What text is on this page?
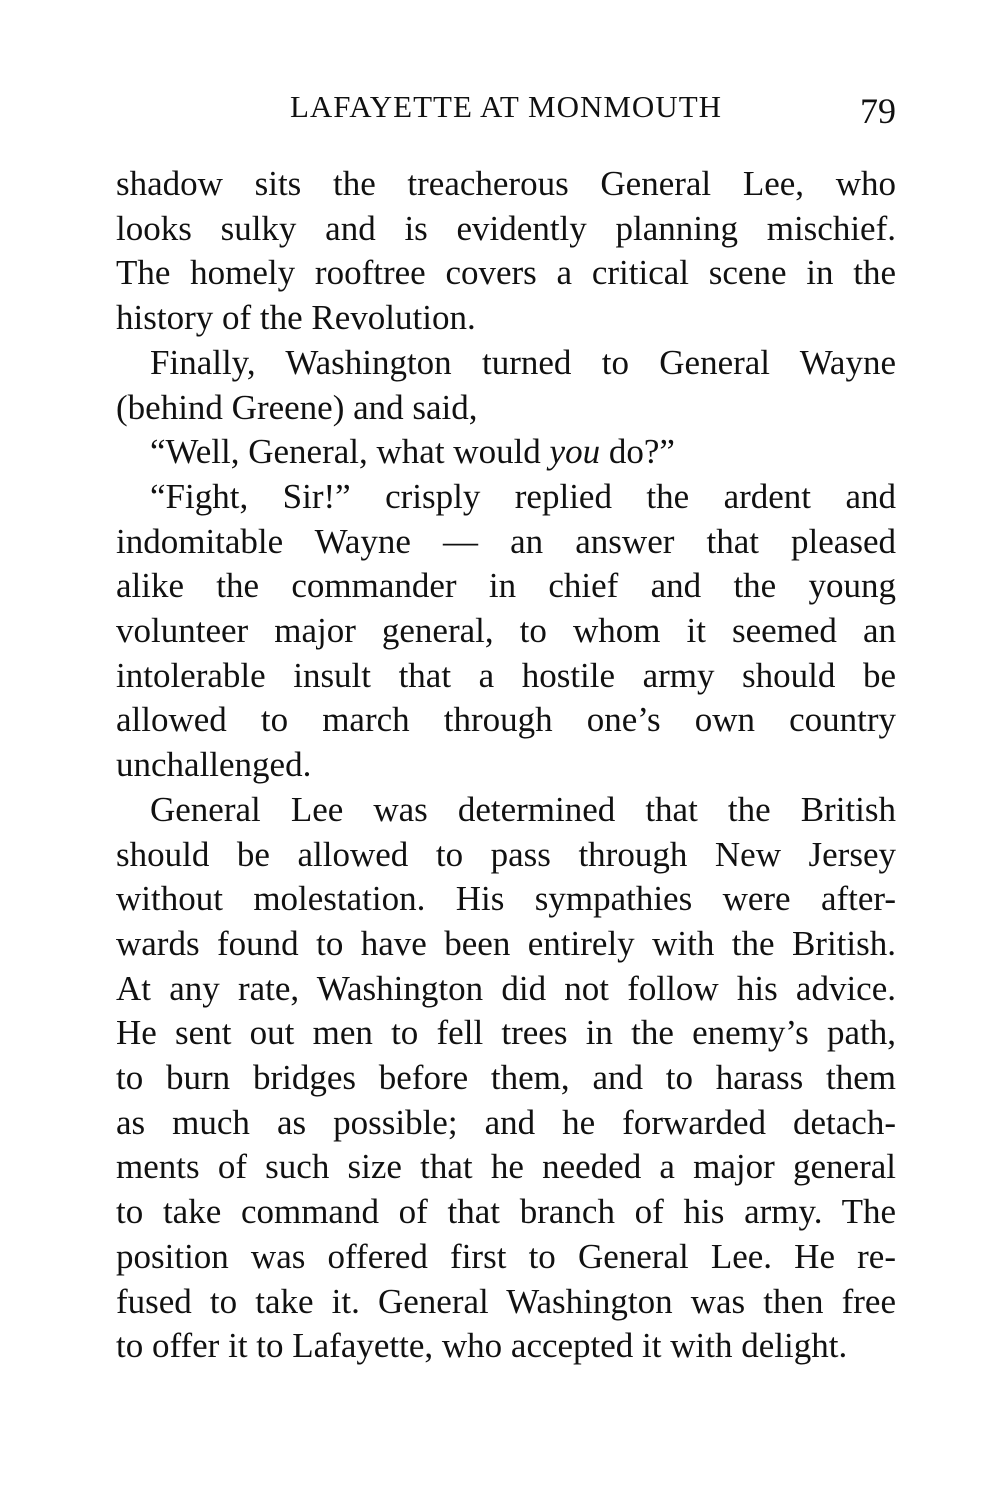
LAFAYETTE AT MONMOUTH	79

shadow sits the treacherous General Lee, who
looks sulky and is evidently planning mischief.
The homely rooftree covers a critical scene in the
history of the Revolution.

Finally, Washington turned to General Wayne
(behind Greene) and said,

“Well, General, what would you do?”

“Fight, Sir!” crisply replied the ardent and
indomitable Wayne — an answer that pleased
alike the commander in chief and the young
volunteer major general, to whom it seemed an
intolerable insult that a hostile army should be
allowed to march through one’s own country
unchallenged.

General Lee was determined that the British
should be allowed to pass through New Jersey
without molestation. His sympathies were after-
wards found to have been entirely with the British.
At any rate, Washington did not follow his advice.
He sent out men to fell trees in the enemy’s path,
to burn bridges before them, and to harass them
as much as possible; and he forwarded detach-
ments of such size that he needed a major general
to take command of that branch of his army. The
position was offered first to General Lee. He re-
fused to take it. General Washington was then free
to offer it to Lafayette, who accepted it with delight.
